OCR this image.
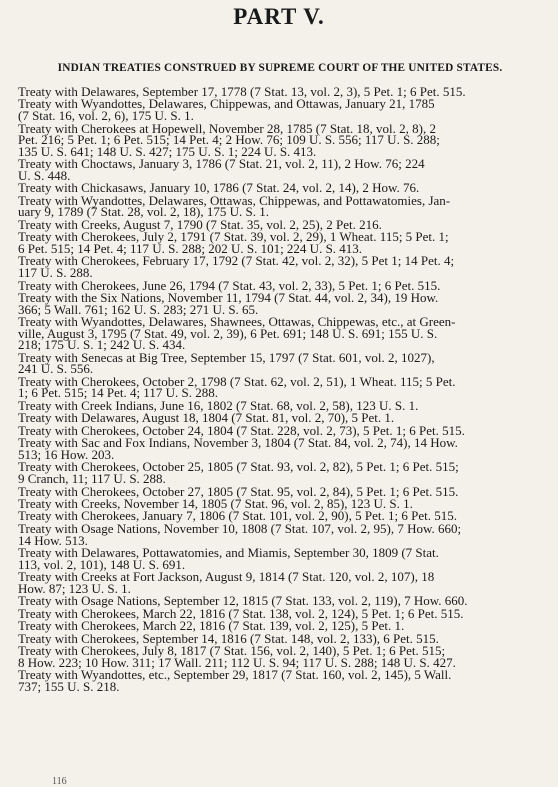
PART V.
INDIAN TREATIES CONSTRUED BY SUPREME COURT OF THE UNITED STATES.
Treaty with Delawares, September 17, 1778 (7 Stat. 13, vol. 2, 3), 5 Pet. 1; 6 Pet. 515.
Treaty with Wyandottes, Delawares, Chippewas, and Ottawas, January 21, 1785
(7 Stat. 16, vol. 2, 6), 175 U. S. 1.
Treaty with Cherokees at Hopewell, November 28, 1785 (7 Stat. 18, vol. 2, 8), 2
Pet. 216; 5 Pet. 1; 6 Pet. 515; 14 Pet. 4; 2 How. 76; 109 U. S. 556; 117 U. S. 288;
135 U. S. 641; 148 U. S. 427; 175 U. S. 1; 224 U. S. 413.
Treaty with Choctaws, January 3, 1786 (7 Stat. 21, vol. 2, 11), 2 How. 76; 224
U. S. 448.
Treaty with Chickasaws, January 10, 1786 (7 Stat. 24, vol. 2, 14), 2 How. 76.
Treaty with Wyandottes, Delawares, Ottawas, Chippewas, and Pottawatomies, Jan-
uary 9, 1789 (7 Stat. 28, vol. 2, 18), 175 U. S. 1.
Treaty with Creeks, August 7, 1790 (7 Stat. 35, vol. 2, 25), 2 Pet. 216.
Treaty with Cherokees, July 2, 1791 (7 Stat. 39, vol. 2, 29), 1 Wheat. 115; 5 Pet. 1;
6 Pet. 515; 14 Pet. 4; 117 U. S. 288; 202 U. S. 101; 224 U. S. 413.
Treaty with Cherokees, February 17, 1792 (7 Stat. 42, vol. 2, 32), 5 Pet 1; 14 Pet. 4;
117 U. S. 288.
Treaty with Cherokees, June 26, 1794 (7 Stat. 43, vol. 2, 33), 5 Pet. 1; 6 Pet. 515.
Treaty with the Six Nations, November 11, 1794 (7 Stat. 44, vol. 2, 34), 19 How.
366; 5 Wall. 761; 162 U. S. 283; 271 U. S. 65.
Treaty with Wyandottes, Delawares, Shawnees, Ottawas, Chippewas, etc., at Green-
ville, August 3, 1795 (7 Stat. 49, vol. 2, 39), 6 Pet. 691; 148 U. S. 691; 155 U. S.
218; 175 U. S. 1; 242 U. S. 434.
Treaty with Senecas at Big Tree, September 15, 1797 (7 Stat. 601, vol. 2, 1027),
241 U. S. 556.
Treaty with Cherokees, October 2, 1798 (7 Stat. 62, vol. 2, 51), 1 Wheat. 115; 5 Pet.
1; 6 Pet. 515; 14 Pet. 4; 117 U. S. 288.
Treaty with Creek Indians, June 16, 1802 (7 Stat. 68, vol. 2, 58), 123 U. S. 1.
Treaty with Delawares, August 18, 1804 (7 Stat. 81, vol. 2, 70), 5 Pet. 1.
Treaty with Cherokees, October 24, 1804 (7 Stat. 228, vol. 2, 73), 5 Pet. 1; 6 Pet. 515.
Treaty with Sac and Fox Indians, November 3, 1804 (7 Stat. 84, vol. 2, 74), 14 How.
513; 16 How. 203.
Treaty with Cherokees, October 25, 1805 (7 Stat. 93, vol. 2, 82), 5 Pet. 1; 6 Pet. 515;
9 Cranch, 11; 117 U. S. 288.
Treaty with Cherokees, October 27, 1805 (7 Stat. 95, vol. 2, 84), 5 Pet. 1; 6 Pet. 515.
Treaty with Creeks, November 14, 1805 (7 Stat. 96, vol. 2, 85), 123 U. S. 1.
Treaty with Cherokees, January 7, 1806 (7 Stat. 101, vol. 2, 90), 5 Pet. 1; 6 Pet. 515.
Treaty with Osage Nations, November 10, 1808 (7 Stat. 107, vol. 2, 95), 7 How. 660;
14 How. 513.
Treaty with Delawares, Pottawatomies, and Miamis, September 30, 1809 (7 Stat.
113, vol. 2, 101), 148 U. S. 691.
Treaty with Creeks at Fort Jackson, August 9, 1814 (7 Stat. 120, vol. 2, 107), 18
How. 87; 123 U. S. 1.
Treaty with Osage Nations, September 12, 1815 (7 Stat. 133, vol. 2, 119), 7 How. 660.
Treaty with Cherokees, March 22, 1816 (7 Stat. 138, vol. 2, 124), 5 Pet. 1; 6 Pet. 515.
Treaty with Cherokees, March 22, 1816 (7 Stat. 139, vol. 2, 125), 5 Pet. 1.
Treaty with Cherokees, September 14, 1816 (7 Stat. 148, vol. 2, 133), 6 Pet. 515.
Treaty with Cherokees, July 8, 1817 (7 Stat. 156, vol. 2, 140), 5 Pet. 1; 6 Pet. 515;
8 How. 223; 10 How. 311; 17 Wall. 211; 112 U. S. 94; 117 U. S. 288; 148 U. S. 427.
Treaty with Wyandottes, etc., September 29, 1817 (7 Stat. 160, vol. 2, 145), 5 Wall.
737; 155 U. S. 218.
116
